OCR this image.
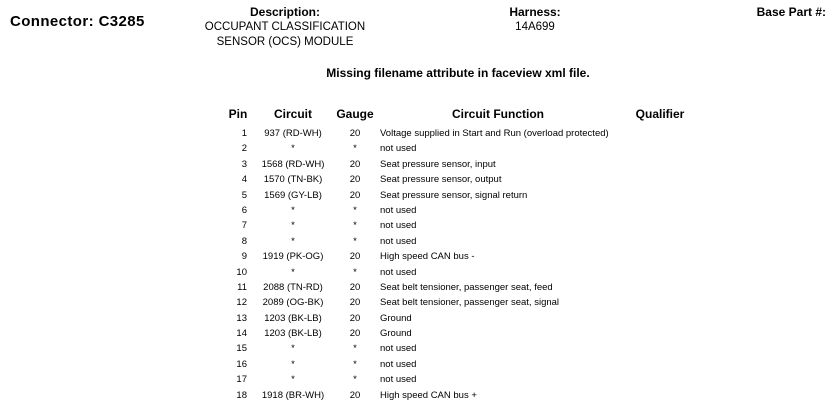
Connector: C3285
Description:
OCCUPANT CLASSIFICATION
SENSOR (OCS) MODULE
Harness:
14A699
Base Part #:
Missing filename attribute in faceview xml file.
Pin	Circuit	Gauge	Circuit Function	Qualifier
1	937 (RD-WH)	20	Voltage supplied in Start and Run (overload protected)
2	*	*	not used
3	1568 (RD-WH)	20	Seat pressure sensor, input
4	1570 (TN-BK)	20	Seat pressure sensor, output
5	1569 (GY-LB)	20	Seat pressure sensor, signal return
6	*	*	not used
7	*	*	not used
8	*	*	not used
9	1919 (PK-OG)	20	High speed CAN bus -
10	*	*	not used
11	2088 (TN-RD)	20	Seat belt tensioner, passenger seat, feed
12	2089 (OG-BK)	20	Seat belt tensioner, passenger seat, signal
13	1203 (BK-LB)	20	Ground
14	1203 (BK-LB)	20	Ground
15	*	*	not used
16	*	*	not used
17	*	*	not used
18	1918 (BR-WH)	20	High speed CAN bus +
